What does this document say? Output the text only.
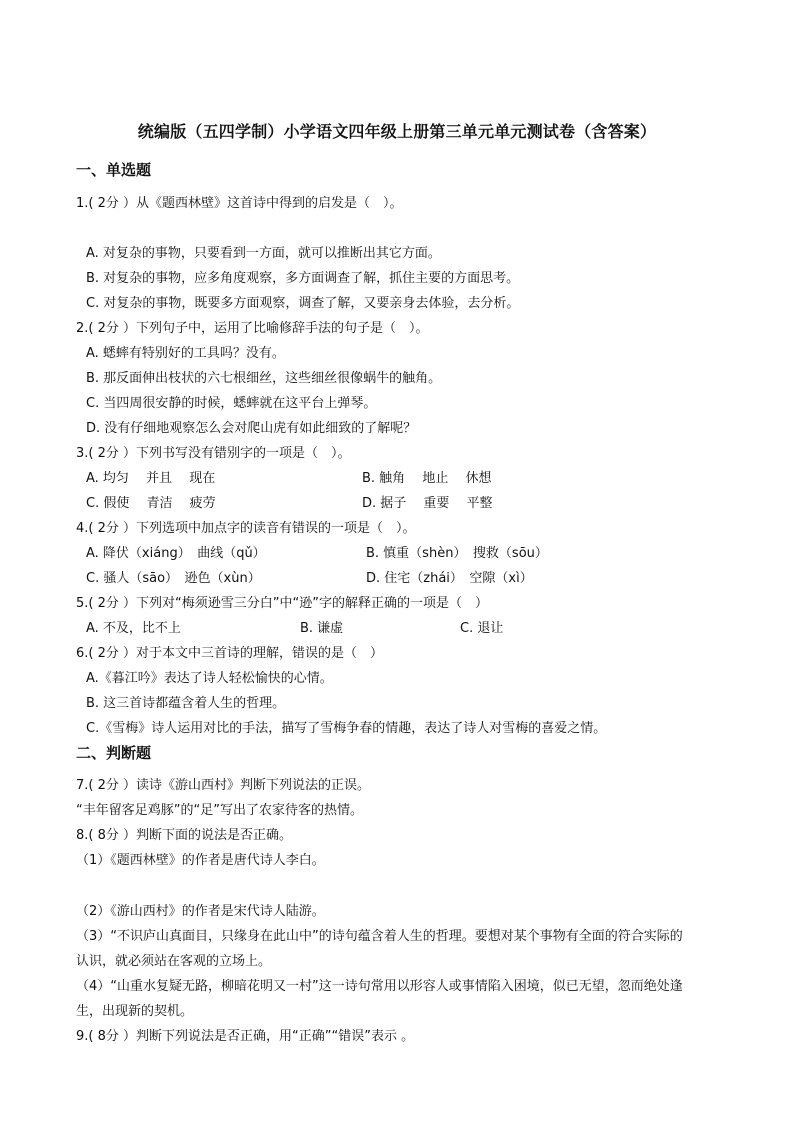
统编版（五四学制）小学语文四年级上册第三单元单元测试卷（含答案）
一、单选题
1.( 2分 ）从《题西林壁》这首诗中得到的启发是（　）。
A. 对复杂的事物，只要看到一方面，就可以推断出其它方面。
B. 对复杂的事物，应多角度观察，多方面调查了解，抓住主要的方面思考。
C. 对复杂的事物，既要多方面观察，调查了解，又要亲身去体验，去分析。
2.( 2分 ）下列句子中，运用了比喻修辞手法的句子是（　）。
A. 蟋蟀有特别好的工具吗？没有。
B. 那反面伸出枝状的六七根细丝，这些细丝很像蜗牛的触角。
C. 当四周很安静的时候，蟋蟀就在这平台上弹琴。
D. 没有仔细地观察怎么会对爬山虎有如此细致的了解呢？
3.( 2分 ）下列书写没有错别字的一项是（　）。
A. 均匀　 并且　 现在	B. 触角　 地止　 休想
C. 假使　 青洁　 疲劳	D. 据子　 重要　 平整
4.( 2分 ）下列选项中加点字的读音有错误的一项是（　）。
A. 降伏（xiáng）　曲线（qǔ）	B. 慎重（shèn）　搜救（sōu）
C. 骚人（sāo）　逊色（xùn）	D. 住宅（zhái）　空隙（xì）
5.( 2分 ）下列对“梅须逊雪三分白”中“逊”字的解释正确的一项是（　）
A. 不及，比不上	B. 谦虚	C. 退让
6.( 2分 ）对于本文中三首诗的理解，错误的是（　）
A.《暮江吟》表达了诗人轻松愉快的心情。
B. 这三首诗都蕴含着人生的哲理。
C.《雪梅》诗人运用对比的手法，描写了雪梅争春的情趣，表达了诗人对雪梅的喜爱之情。
二、判断题
7.( 2分 ）读诗《游山西村》判断下列说法的正误。
“丰年留客足鸡豚”的“足”写出了农家待客的热情。
8.( 8分 ）判断下面的说法是否正确。
（1）《题西林壁》的作者是唐代诗人李白。
（2）《游山西村》的作者是宋代诗人陆游。
（3）“不识庐山真面目，只缘身在此山中”的诗句蕴含着人生的哲理。要想对某个事物有全面的符合实际的
认识，就必须站在客观的立场上。
（4）“山重水复疑无路，柳暗花明又一村”这一诗句常用以形容人或事情陷入困境，似已无望，忽而绝处逢
生，出现新的契机。
9.( 8分 ）判断下列说法是否正确，用“正确”“错误”表示 。
